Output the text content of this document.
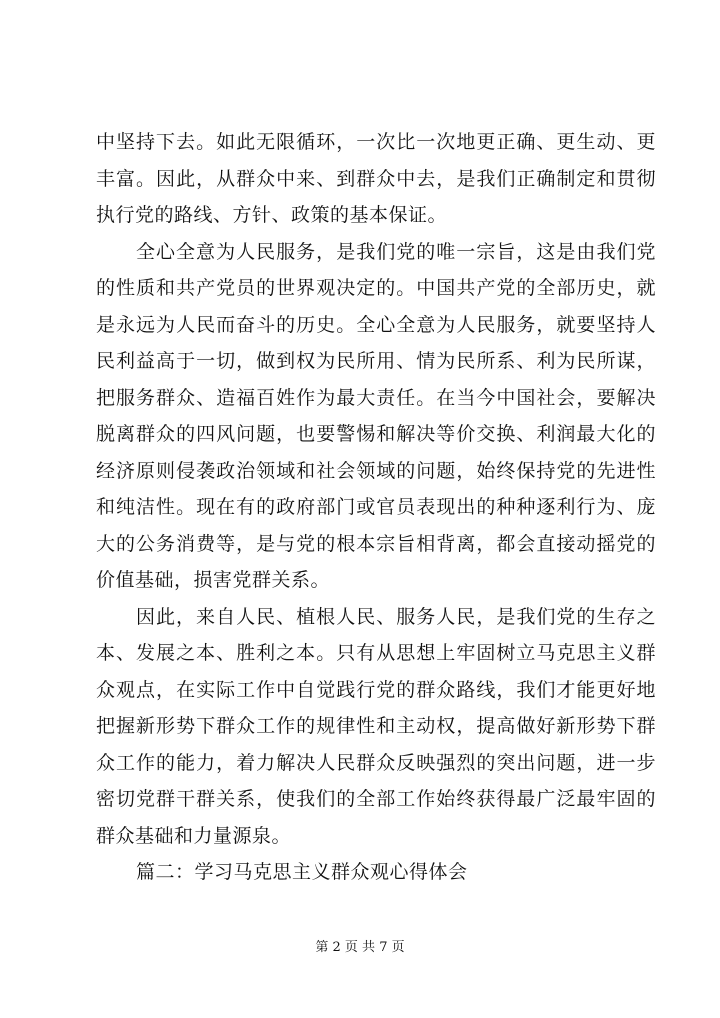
中坚持下去。如此无限循环，一次比一次地更正确、更生动、更
丰富。因此，从群众中来、到群众中去，是我们正确制定和贯彻
执行党的路线、方针、政策的基本保证。
全心全意为人民服务，是我们党的唯一宗旨，这是由我们党
的性质和共产党员的世界观决定的。中国共产党的全部历史，就
是永远为人民而奋斗的历史。全心全意为人民服务，就要坚持人
民利益高于一切，做到权为民所用、情为民所系、利为民所谋，
把服务群众、造福百姓作为最大责任。在当今中国社会，要解决
脱离群众的四风问题，也要警惕和解决等价交换、利润最大化的
经济原则侵袭政治领域和社会领域的问题，始终保持党的先进性
和纯洁性。现在有的政府部门或官员表现出的种种逐利行为、庞
大的公务消费等，是与党的根本宗旨相背离，都会直接动摇党的
价值基础，损害党群关系。
因此，来自人民、植根人民、服务人民，是我们党的生存之
本、发展之本、胜利之本。只有从思想上牢固树立马克思主义群
众观点，在实际工作中自觉践行党的群众路线，我们才能更好地
把握新形势下群众工作的规律性和主动权，提高做好新形势下群
众工作的能力，着力解决人民群众反映强烈的突出问题，进一步
密切党群干群关系，使我们的全部工作始终获得最广泛最牢固的
群众基础和力量源泉。
篇二：学习马克思主义群众观心得体会
第 2 页 共 7 页
